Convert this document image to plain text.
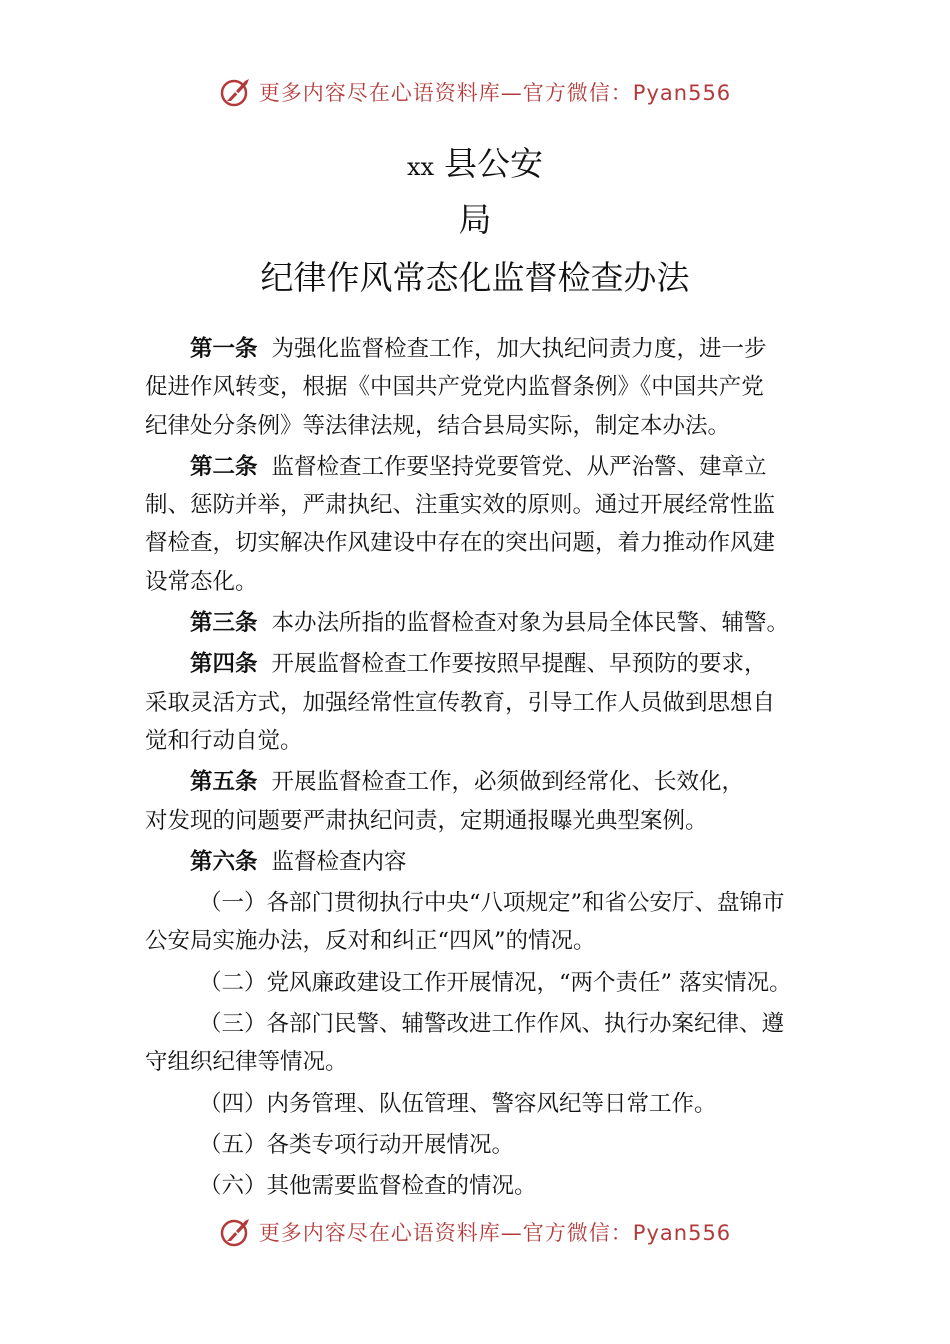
更多内容尽在心语资料库—官方微信：Pyan556
xx 县公安
局
纪律作风常态化监督检查办法
第一条 为强化监督检查工作，加大执纪问责力度，进一步
促进作风转变，根据《中国共产党党内监督条例》《中国共产党
纪律处分条例》等法律法规，结合县局实际，制定本办法。
第二条 监督检查工作要坚持党要管党、从严治警、建章立
制、惩防并举，严肃执纪、注重实效的原则。通过开展经常性监
督检查，切实解决作风建设中存在的突出问题，着力推动作风建
设常态化。
第三条 本办法所指的监督检查对象为县局全体民警、辅警。
第四条 开展监督检查工作要按照早提醒、早预防的要求，
采取灵活方式，加强经常性宣传教育，引导工作人员做到思想自
觉和行动自觉。
第五条 开展监督检查工作，必须做到经常化、长效化，
对发现的问题要严肃执纪问责，定期通报曝光典型案例。
第六条 监督检查内容
（一）各部门贯彻执行中央“八项规定”和省公安厅、盘锦市
公安局实施办法，反对和纠正“四风”的情况。
（二）党风廉政建设工作开展情况，“两个责任” 落实情况。
（三）各部门民警、辅警改进工作作风、执行办案纪律、遵
守组织纪律等情况。
（四）内务管理、队伍管理、警容风纪等日常工作。
（五）各类专项行动开展情况。
（六）其他需要监督检查的情况。
更多内容尽在心语资料库—官方微信：Pyan556
